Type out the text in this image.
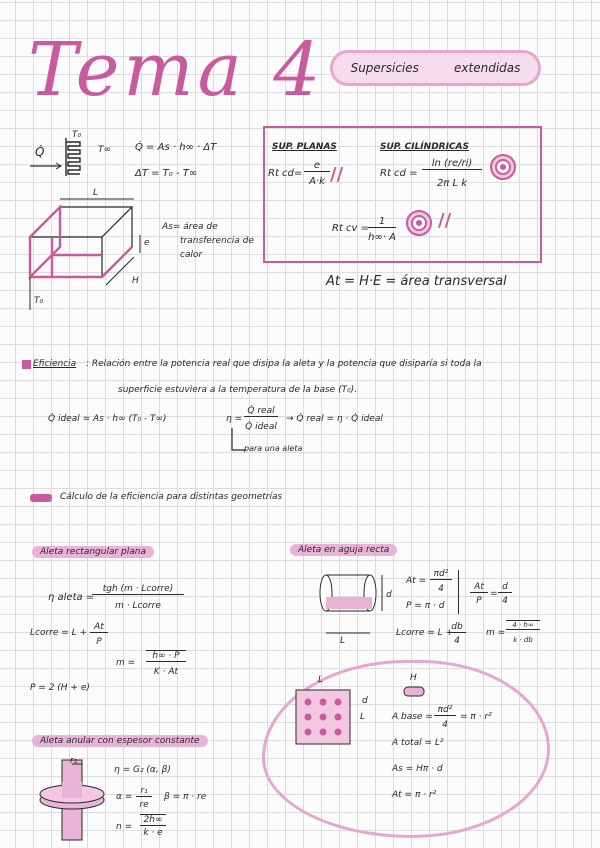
Tema 4 Supersicies	extendidas
Q̇
T₀
T∞ Q̇ = As · h∞ · ΔT
ΔT = T₀ - T∞
L
e
H
T₀
As= área de
transferencia de
calor
SUP. PLANAS	SUP. CILÍNDRICAS
Rt cd=
e
A·k //	Rt cd =
ln (re/ri)
2π L k
Rt cv =
1
h∞· A
//
At = H·E = área transversal
Eficiencia : Relación entre la potencia real que disipa la aleta y la potencia que disiparía si toda la
superficie estuviera a la temperatura de la base (T₀).
Q̇ ideal = As · h∞ (T₀ - T∞)	η =
Q̇ real
Q̇ ideal
→ Q̇ real = η · Q̇ ideal
para una aleta
Cálculo de la eficiencia para distintas geometrías
Aleta rectangular plana
η aleta =
tgh (m · Lcorre)
m · Lcorre
Lcorre = L +
At
P
m =
h∞ · P
K · At
P = 2 (H + e)
Aleta en aguja recta
d
L
At =
πd²
4
P = π · d
At
P
=
d
4
Lcorre = L +
db
4
m =
4 · h∞
k · db
L
d
L
H
A base =
πd²
4
= π · r²
A total = L²
As = Hπ · d
At = π · r²
Aleta anular con espesor constante
r₁
η = G₂ (α, β)
α =
r₁
re
β = π · re
n =
2h∞
k · e
